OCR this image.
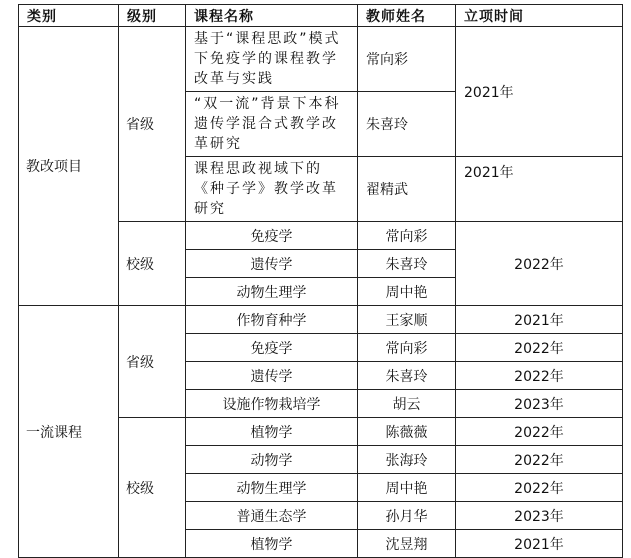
类别	级别	课程名称	教师姓名	立项时间
教改项目	省级	基于“课程思政”模式下免疫学的课程教学改革与实践	常向彩	2021年
		“双一流”背景下本科遗传学混合式教学改革研究	朱喜玲	
		课程思政视域下的《种子学》教学改革研究	翟精武	2021年
	校级	免疫学	常向彩	2022年
		遗传学	朱喜玲	
		动物生理学	周中艳	
一流课程	省级	作物育种学	王家顺	2021年
		免疫学	常向彩	2022年
		遗传学	朱喜玲	2022年
		设施作物栽培学	胡云	2023年
	校级	植物学	陈薇薇	2022年
		动物学	张海玲	2022年
		动物生理学	周中艳	2022年
		普通生态学	孙月华	2023年
		植物学	沈昱翔	2021年
